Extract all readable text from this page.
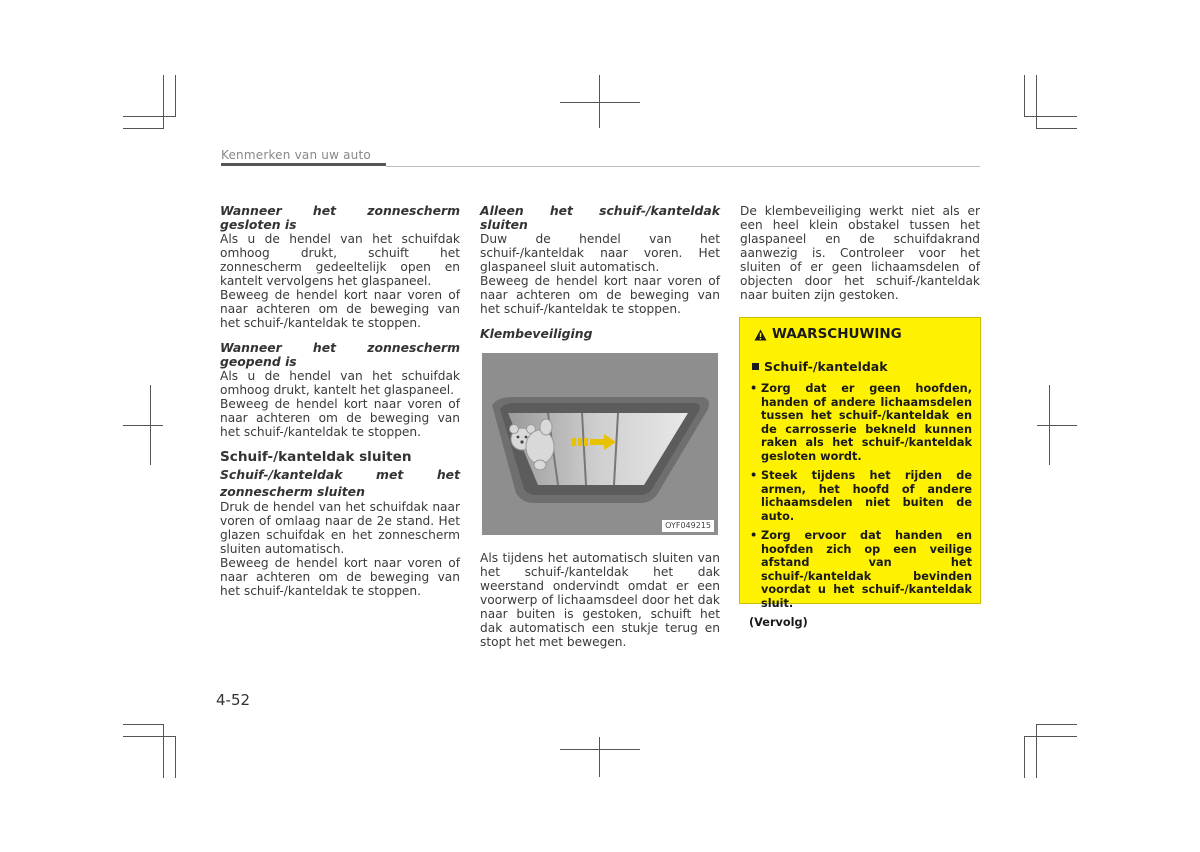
Kenmerken van uw auto

Wanneer het zonnescherm gesloten is

Als u de hendel van het schuifdak omhoog drukt, schuift het zonnescherm gedeeltelijk open en kantelt vervolgens het glaspaneel.

Beweeg de hendel kort naar voren of naar achteren om de beweging van het schuif-/kanteldak te stoppen.

Wanneer het zonnescherm geopend is

Als u de hendel van het schuifdak omhoog drukt, kantelt het glaspaneel.

Beweeg de hendel kort naar voren of naar achteren om de beweging van het schuif-/kanteldak te stoppen.

Schuif-/kanteldak sluiten

Schuif-/kanteldak met het zonnescherm sluiten

Druk de hendel van het schuifdak naar voren of omlaag naar de 2e stand. Het glazen schuifdak en het zonnescherm sluiten automatisch.

Beweeg de hendel kort naar voren of naar achteren om de beweging van het schuif-/kanteldak te stoppen.

Alleen het schuif-/kanteldak sluiten

Duw de hendel van het schuif-/kanteldak naar voren. Het glaspaneel sluit automatisch.

Beweeg de hendel kort naar voren of naar achteren om de beweging van het schuif-/kanteldak te stoppen.

Klembeveiliging

OYF049215

Als tijdens het automatisch sluiten van het schuif-/kanteldak het dak weerstand ondervindt omdat er een voorwerp of lichaamsdeel door het dak naar buiten is gestoken, schuift het dak automatisch een stukje terug en stopt het met bewegen.

De klembeveiliging werkt niet als er een heel klein obstakel tussen het glaspaneel en de schuifdakrand aanwezig is. Controleer voor het sluiten of er geen lichaamsdelen of objecten door het schuif-/kanteldak naar buiten zijn gestoken.

WAARSCHUWING
Schuif-/kanteldak
• Zorg dat er geen hoofden, handen of andere lichaamsdelen tussen het schuif-/kanteldak en de carrosserie bekneld kunnen raken als het schuif-/kanteldak gesloten wordt.
• Steek tijdens het rijden de armen, het hoofd of andere lichaamsdelen niet buiten de auto.
• Zorg ervoor dat handen en hoofden zich op een veilige afstand van het schuif-/kanteldak bevinden voordat u het schuif-/kanteldak sluit.
(Vervolg)
4-52
